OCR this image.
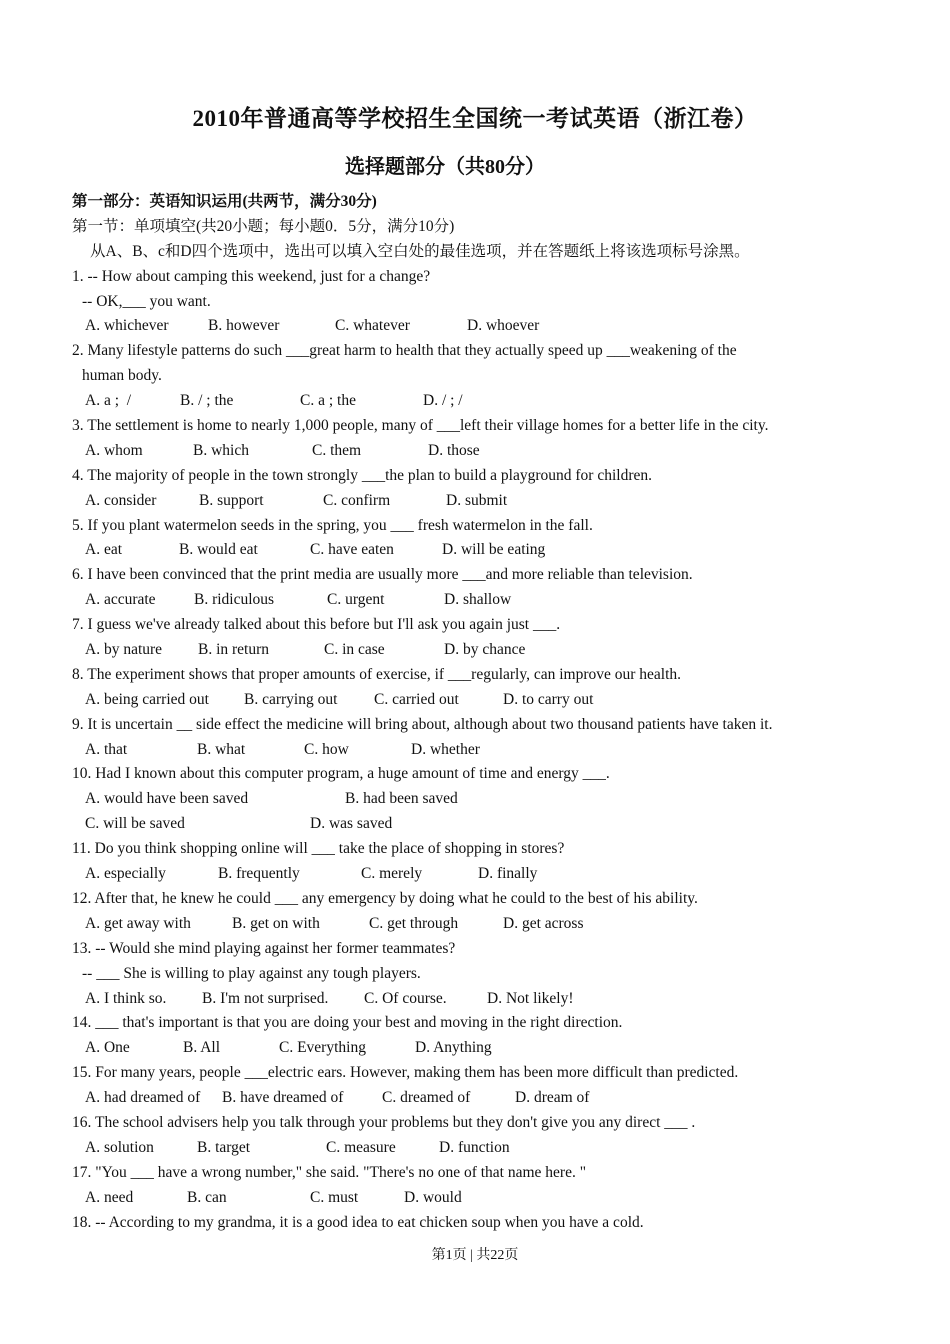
2010年普通高等学校招生全国统一考试英语（浙江卷）
选择题部分（共80分）
第一部分：英语知识运用(共两节，满分30分)
第一节：单项填空(共20小题；每小题0．5分，满分10分)
从A、B、c和D四个选项中，选出可以填入空白处的最佳选项，并在答题纸上将该选项标号涂黑。
1. -- How about camping this weekend, just for a change?
-- OK,___ you want.
A. whichever	B. however	C. whatever	D. whoever
2. Many lifestyle patterns do such ___great harm to health that they actually speed up ___weakening of the
human body.
A. a ;  /	B. / ; the	C. a ; the	D. / ; /
3. The settlement is home to nearly 1,000 people, many of ___left their village homes for a better life in the city.
A. whom	B. which	C. them	D. those
4. The majority of people in the town strongly ___the plan to build a playground for children.
A. consider	B. support	C. confirm	D. submit
5. If you plant watermelon seeds in the spring, you ___ fresh watermelon in the fall.
A. eat	B. would eat	C. have eaten	D. will be eating
6. I have been convinced that the print media are usually more ___and more reliable than television.
A. accurate	B. ridiculous	C. urgent	D. shallow
7. I guess we've already talked about this before but I'll ask you again just ___.
A. by nature	B. in return	C. in case	D. by chance
8. The experiment shows that proper amounts of exercise, if ___regularly, can improve our health.
A. being carried out	B. carrying out	C. carried out	D. to carry out
9. It is uncertain __ side effect the medicine will bring about, although about two thousand patients have taken it.
A. that	B. what	C. how	D. whether
10. Had I known about this computer program, a huge amount of time and energy ___.
A. would have been saved	B. had been saved
C. will be saved	D. was saved
11. Do you think shopping online will ___ take the place of shopping in stores?
A. especially	B. frequently	C. merely	D. finally
12. After that, he knew he could ___ any emergency by doing what he could to the best of his ability.
A. get away with	B. get on with	C. get through	D. get across
13. -- Would she mind playing against her former teammates?
-- ___ She is willing to play against any tough players.
A. I think so.	B. I'm not surprised.	C. Of course.	D. Not likely!
14. ___ that's important is that you are doing your best and moving in the right direction.
A. One	B. All	C. Everything	D. Anything
15. For many years, people ___electric ears. However, making them has been more difficult than predicted.
A. had dreamed of	B. have dreamed of	C. dreamed of	D. dream of
16. The school advisers help you talk through your problems but they don't give you any direct ___ .
A. solution	B. target	C. measure	D. function
17. "You ___ have a wrong number," she said. "There's no one of that name here. "
A. need	B. can	C. must	D. would
18. -- According to my grandma, it is a good idea to eat chicken soup when you have a cold.
第1页 | 共22页
